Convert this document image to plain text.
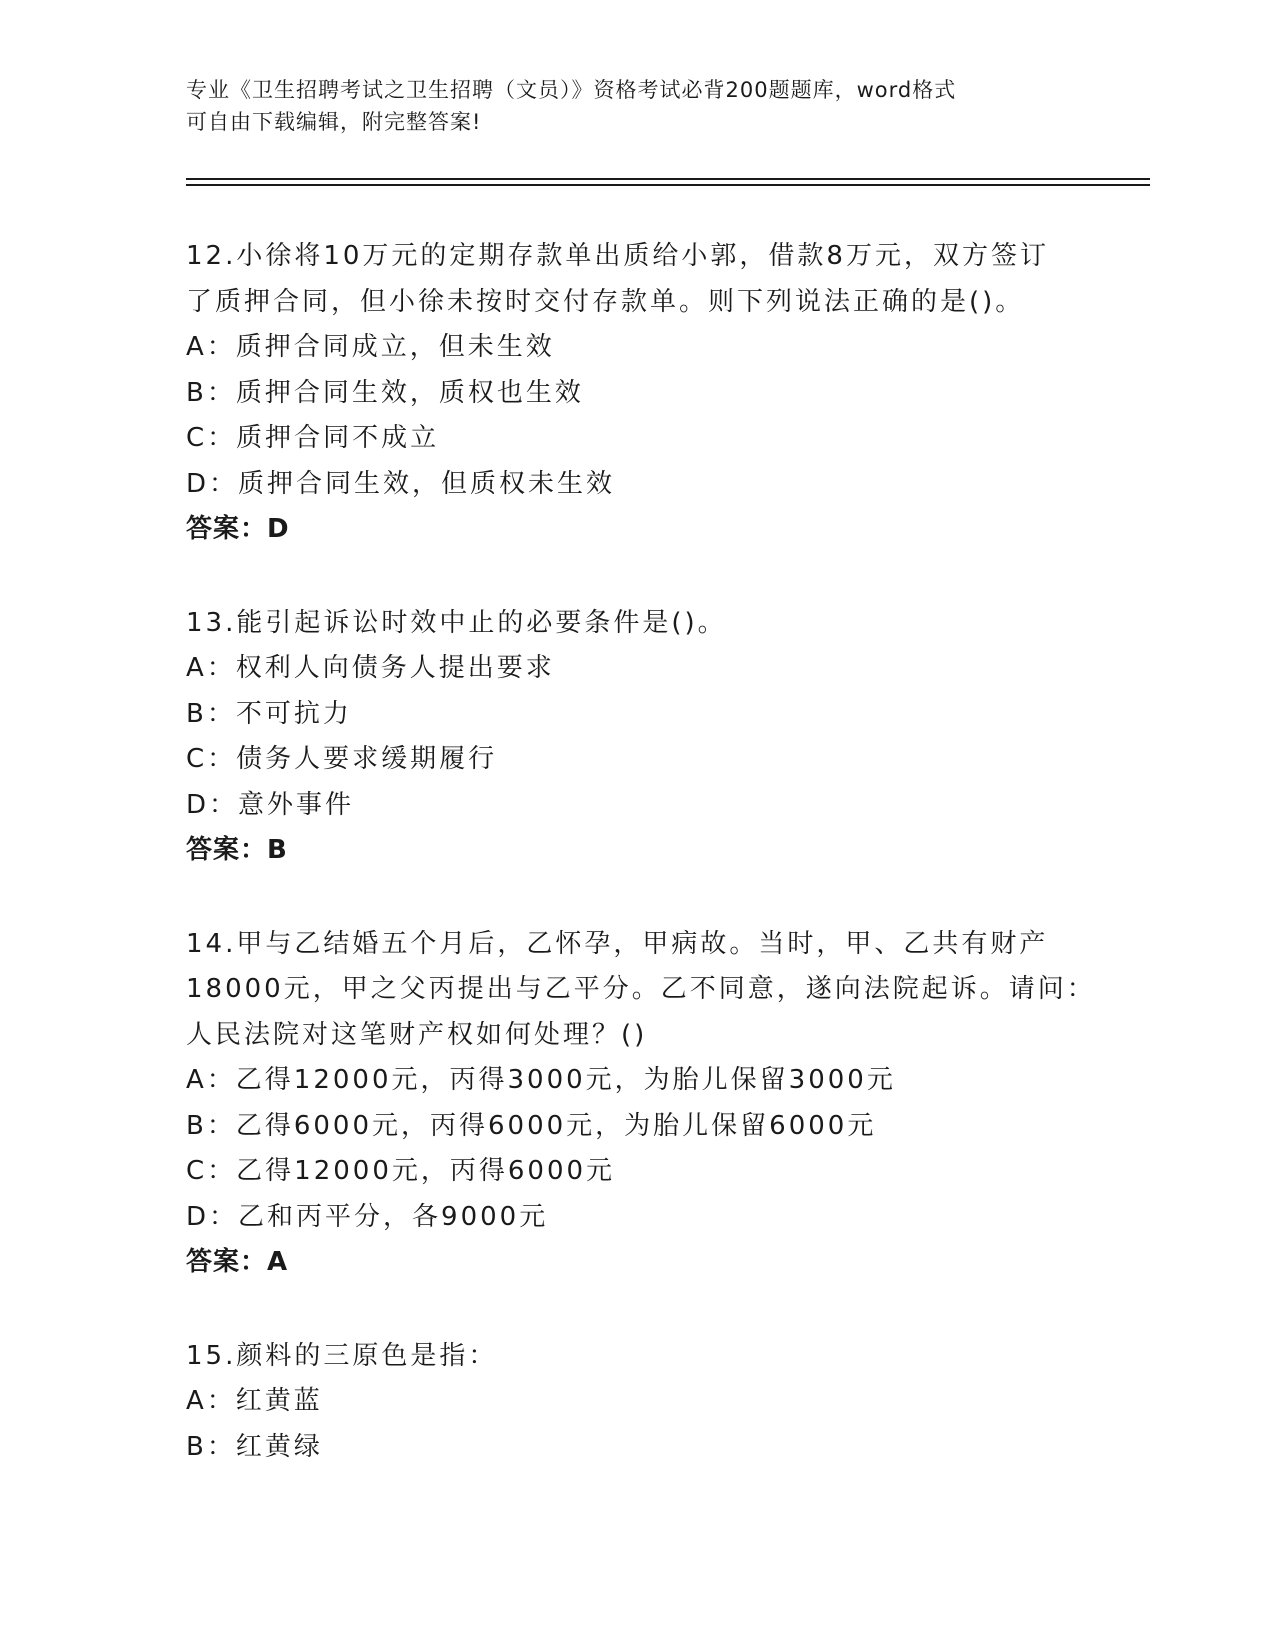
专业《卫生招聘考试之卫生招聘（文员）》资格考试必背200题题库，word格式
可自由下载编辑，附完整答案!
12.小徐将10万元的定期存款单出质给小郭，借款8万元，双方签订
了质押合同，但小徐未按时交付存款单。则下列说法正确的是()。
A：质押合同成立，但未生效
B：质押合同生效，质权也生效
C：质押合同不成立
D：质押合同生效，但质权未生效
答案：D
13.能引起诉讼时效中止的必要条件是()。
A：权利人向债务人提出要求
B：不可抗力
C：债务人要求缓期履行
D：意外事件
答案：B
14.甲与乙结婚五个月后，乙怀孕，甲病故。当时，甲、乙共有财产
18000元，甲之父丙提出与乙平分。乙不同意，遂向法院起诉。请问：
人民法院对这笔财产权如何处理？()
A：乙得12000元，丙得3000元，为胎儿保留3000元
B：乙得6000元，丙得6000元，为胎儿保留6000元
C：乙得12000元，丙得6000元
D：乙和丙平分，各9000元
答案：A
15.颜料的三原色是指：
A：红黄蓝
B：红黄绿
